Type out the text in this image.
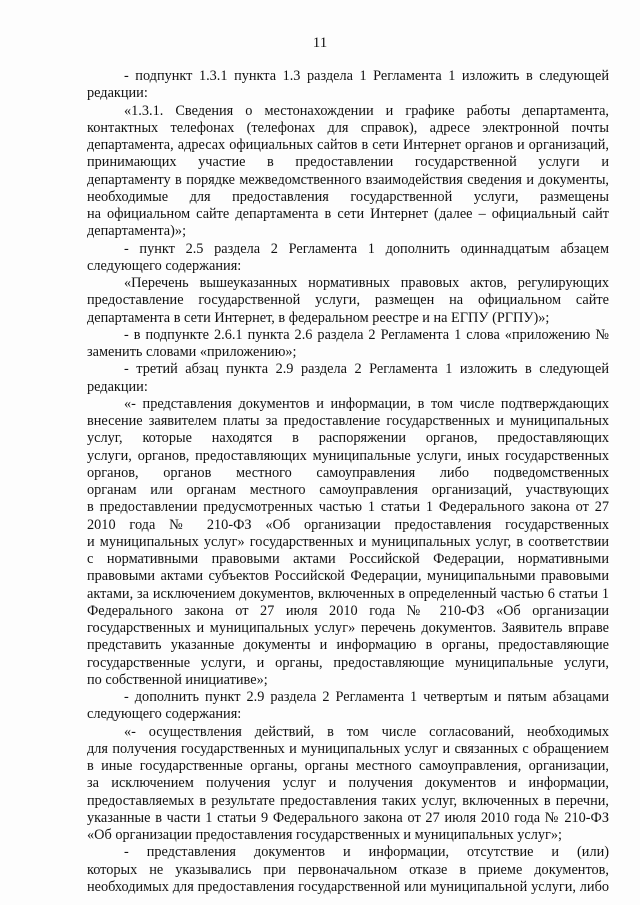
11
- подпункт 1.3.1 пункта 1.3 раздела 1 Регламента 1 изложить в следующей
редакции:
«1.3.1. Сведения о местонахождении и графике работы департамента,
контактных телефонах (телефонах для справок), адресе электронной почты
департамента, адресах официальных сайтов в сети Интернет органов и организаций,
принимающих участие в предоставлении государственной услуги и
департаменту в порядке межведомственного взаимодействия сведения и документы,
необходимые для предоставления государственной услуги, размещены
на официальном сайте департамента в сети Интернет (далее – официальный сайт
департамента)»;
- пункт 2.5 раздела 2 Регламента 1 дополнить одиннадцатым абзацем
следующего содержания:
«Перечень вышеуказанных нормативных правовых актов, регулирующих
предоставление государственной услуги, размещен на официальном сайте
департамента в сети Интернет, в федеральном реестре и на ЕГПУ (РГПУ)»;
- в подпункте 2.6.1 пункта 2.6 раздела 2 Регламента 1 слова «приложению №
заменить словами «приложению»;
- третий абзац пункта 2.9 раздела 2 Регламента 1 изложить в следующей
редакции:
«- представления документов и информации, в том числе подтверждающих
внесение заявителем платы за предоставление государственных и муниципальных
услуг, которые находятся в распоряжении органов, предоставляющих
услуги, органов, предоставляющих муниципальные услуги, иных государственных
органов, органов местного самоуправления либо подведомственных
органам или органам местного самоуправления организаций, участвующих
в предоставлении предусмотренных частью 1 статьи 1 Федерального закона от 27
2010 года № 210-ФЗ «Об организации предоставления государственных
и муниципальных услуг» государственных и муниципальных услуг, в соответствии
с нормативными правовыми актами Российской Федерации, нормативными
правовыми актами субъектов Российской Федерации, муниципальными правовыми
актами, за исключением документов, включенных в определенный частью 6 статьи 1
Федерального закона от 27 июля 2010 года № 210-ФЗ «Об организации
государственных и муниципальных услуг» перечень документов. Заявитель вправе
представить указанные документы и информацию в органы, предоставляющие
государственные услуги, и органы, предоставляющие муниципальные услуги,
по собственной инициативе»;
- дополнить пункт 2.9 раздела 2 Регламента 1 четвертым и пятым абзацами
следующего содержания:
«- осуществления действий, в том числе согласований, необходимых
для получения государственных и муниципальных услуг и связанных с обращением
в иные государственные органы, органы местного самоуправления, организации,
за исключением получения услуг и получения документов и информации,
предоставляемых в результате предоставления таких услуг, включенных в перечни,
указанные в части 1 статьи 9 Федерального закона от 27 июля 2010 года № 210-ФЗ
«Об организации предоставления государственных и муниципальных услуг»;
- представления документов и информации, отсутствие и (или)
которых не указывались при первоначальном отказе в приеме документов,
необходимых для предоставления государственной или муниципальной услуги, либо
